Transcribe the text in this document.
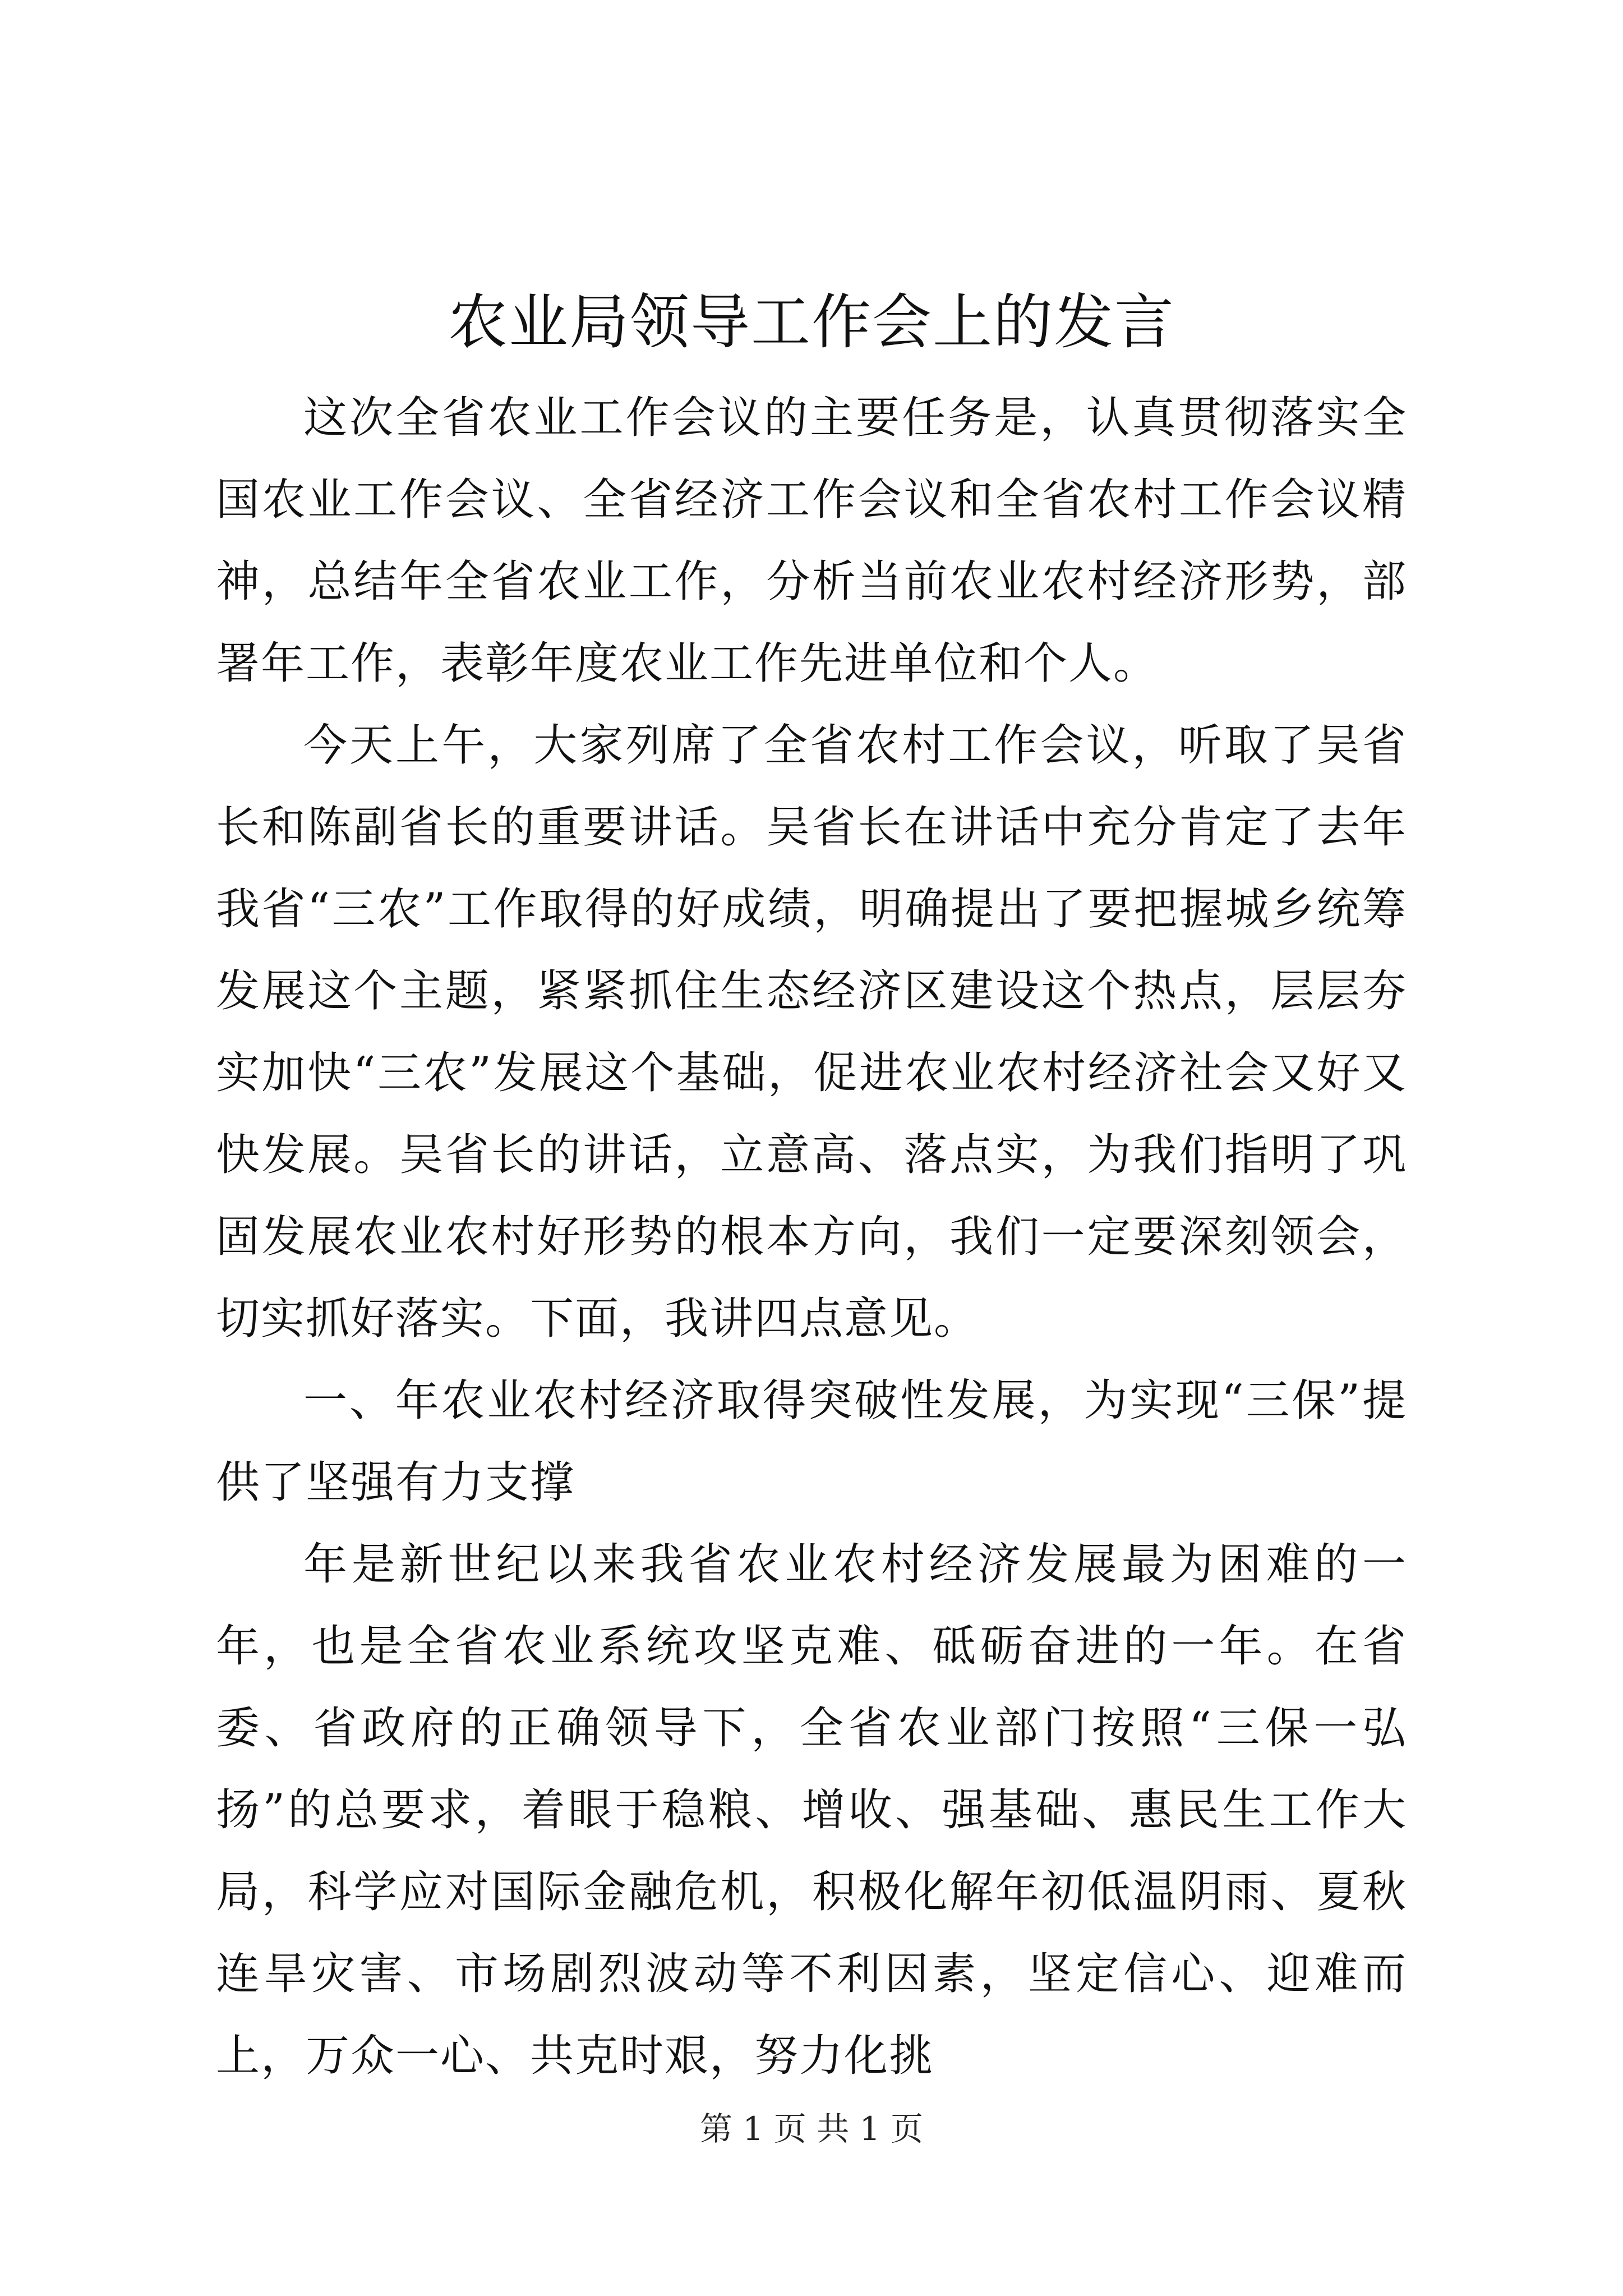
农业局领导工作会上的发言

这次全省农业工作会议的主要任务是，认真贯彻落实全国农业工作会议、全省经济工作会议和全省农村工作会议精神，总结年全省农业工作，分析当前农业农村经济形势，部署年工作，表彰年度农业工作先进单位和个人。

今天上午，大家列席了全省农村工作会议，听取了吴省长和陈副省长的重要讲话。吴省长在讲话中充分肯定了去年我省“三农”工作取得的好成绩，明确提出了要把握城乡统筹发展这个主题，紧紧抓住生态经济区建设这个热点，层层夯实加快“三农”发展这个基础，促进农业农村经济社会又好又快发展。吴省长的讲话，立意高、落点实，为我们指明了巩固发展农业农村好形势的根本方向，我们一定要深刻领会，切实抓好落实。下面，我讲四点意见。

一、年农业农村经济取得突破性发展，为实现“三保”提供了坚强有力支撑

年是新世纪以来我省农业农村经济发展最为困难的一年，也是全省农业系统攻坚克难、砥砺奋进的一年。在省委、省政府的正确领导下，全省农业部门按照“三保一弘扬”的总要求，着眼于稳粮、增收、强基础、惠民生工作大局，科学应对国际金融危机，积极化解年初低温阴雨、夏秋连旱灾害、市场剧烈波动等不利因素，坚定信心、迎难而上，万众一心、共克时艰，努力化挑

第 1 页 共 1 页
